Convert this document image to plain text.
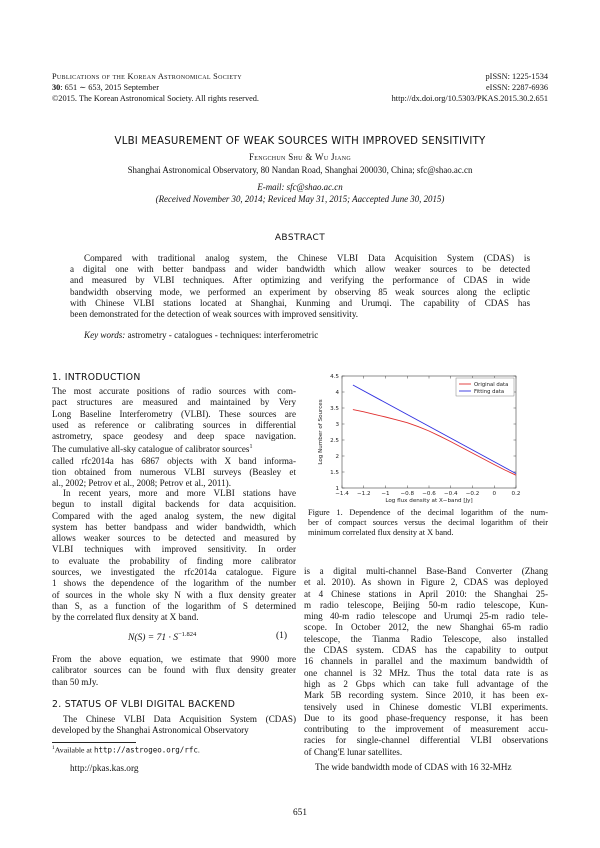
Publications of the Korean Astronomical Society
30: 651 ∼ 653, 2015 September
©2015. The Korean Astronomical Society. All rights reserved.
pISSN: 1225-1534
eISSN: 2287-6936
http://dx.doi.org/10.5303/PKAS.2015.30.2.651
VLBI MEASUREMENT OF WEAK SOURCES WITH IMPROVED SENSITIVITY
Fengchun Shu & Wu Jiang
Shanghai Astronomical Observatory, 80 Nandan Road, Shanghai 200030, China; sfc@shao.ac.cn
E-mail: sfc@shao.ac.cn
(Received November 30, 2014; Reviced May 31, 2015; Aaccepted June 30, 2015)
ABSTRACT
Compared with traditional analog system, the Chinese VLBI Data Acquisition System (CDAS) is
a digital one with better bandpass and wider bandwidth which allow weaker sources to be detected
and measured by VLBI techniques. After optimizing and verifying the performance of CDAS in wide
bandwidth observing mode, we performed an experiment by observing 85 weak sources along the ecliptic
with Chinese VLBI stations located at Shanghai, Kunming and Urumqi. The capability of CDAS has
been demonstrated for the detection of weak sources with improved sensitivity.
Key words: astrometry - catalogues - techniques: interferometric
1. INTRODUCTION
The most accurate positions of radio sources with com-
pact structures are measured and maintained by Very
Long Baseline Interferometry (VLBI). These sources are
used as reference or calibrating sources in differential
astrometry, space geodesy and deep space navigation.
The cumulative all-sky catalogue of calibrator sources$^1$
called rfc2014a has 6867 objects with X band informa-
tion obtained from numerous VLBI surveys (Beasley et
al., 2002; Petrov et al., 2008; Petrov et al., 2011).
In recent years, more and more VLBI stations have
begun to install digital backends for data acquisition.
Compared with the aged analog system, the new digital
system has better bandpass and wider bandwidth, which
allows weaker sources to be detected and measured by
VLBI techniques with improved sensitivity. In order
to evaluate the probability of finding more calibrator
sources, we investigated the rfc2014a catalogue. Figure
1 shows the dependence of the logarithm of the number
of sources in the whole sky N with a flux density greater
than S, as a function of the logarithm of S determined
by the correlated flux density at X band.
$N(S) = 71 \cdot S^{-1.824}$	(1)
From the above equation, we estimate that 9900 more
calibrator sources can be found with flux density greater
than 50 mJy.
2. STATUS OF VLBI DIGITAL BACKEND
The Chinese VLBI Data Acquisition System (CDAS)
developed by the Shanghai Astronomical Observatory
$^1$Available at http://astrogeo.org/rfc.
−1.4 −1.2 −1 −0.8 −0.6 −0.4 −0.2 0	0.2
1
1.5
2
2.5
3
3.5
4
4.5
Log flux density at X−band [Jy]
Log Number of Sources
Original data
Fitting data
Figure 1. Dependence of the decimal logarithm of the num-
ber of compact sources versus the decimal logarithm of their
minimum correlated flux density at X band.
is a digital multi-channel Base-Band Converter (Zhang
et al. 2010). As shown in Figure 2, CDAS was deployed
at 4 Chinese stations in April 2010: the Shanghai 25-
m radio telescope, Beijing 50-m radio telescope, Kun-
ming 40-m radio telescope and Urumqi 25-m radio tele-
scope. In October 2012, the new Shanghai 65-m radio
telescope, the Tianma Radio Telescope, also installed
the CDAS system. CDAS has the capability to output
16 channels in parallel and the maximum bandwidth of
one channel is 32 MHz. Thus the total data rate is as
high as 2 Gbps which can take full advantage of the
Mark 5B recording system. Since 2010, it has been ex-
tensively used in Chinese domestic VLBI experiments.
Due to its good phase-frequency response, it has been
contributing to the improvement of measurement accu-
racies for single-channel differential VLBI observations
of Chang'E lunar satellites.
The wide bandwidth mode of CDAS with 16 32-MHz
http://pkas.kas.org
651
